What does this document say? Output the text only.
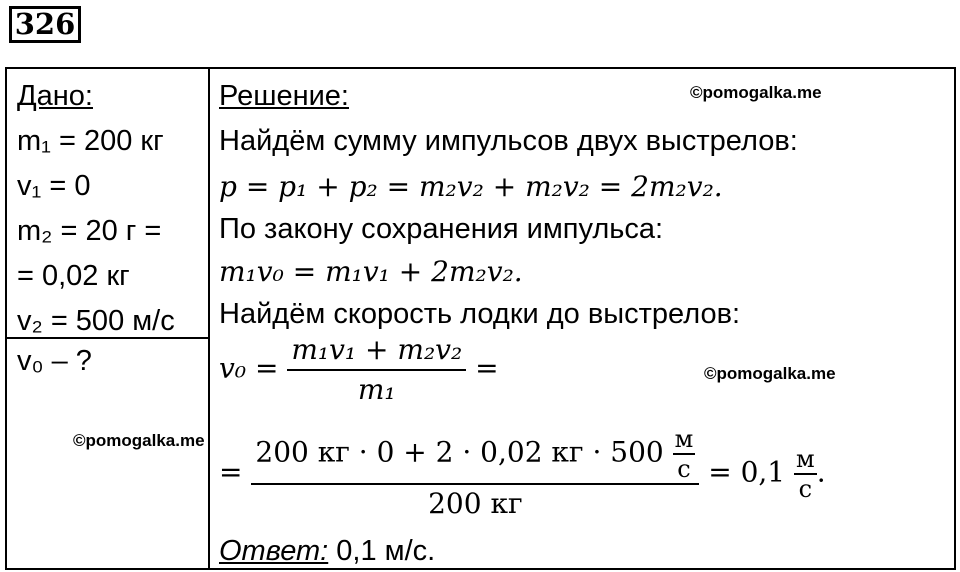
326
Дано:
m₁ = 200 кг
v₁ = 0
m₂ = 20 г =
= 0,02 кг
v₂ = 500 м/с
v₀ – ?
Решение:
Найдём сумму импульсов двух выстрелов:
p = p₁ + p₂ = m₂v₂ + m₂v₂ = 2m₂v₂.
По закону сохранения импульса:
m₁v₀ = m₁v₁ + 2m₂v₂.
Найдём скорость лодки до выстрелов:
$v_0 = \frac{\text{m₁v₁ + m₂v₂}}{\text{m₁}}$ =
=
200 кг · 0 + 2 · 0,02 кг · $500 \frac{м}{с}$
200 кг
= $0,1 \frac{м}{с}$ .
Ответ: 0,1 м/с.
©pomogalka.me
©pomogalka.me
©pomogalka.me
